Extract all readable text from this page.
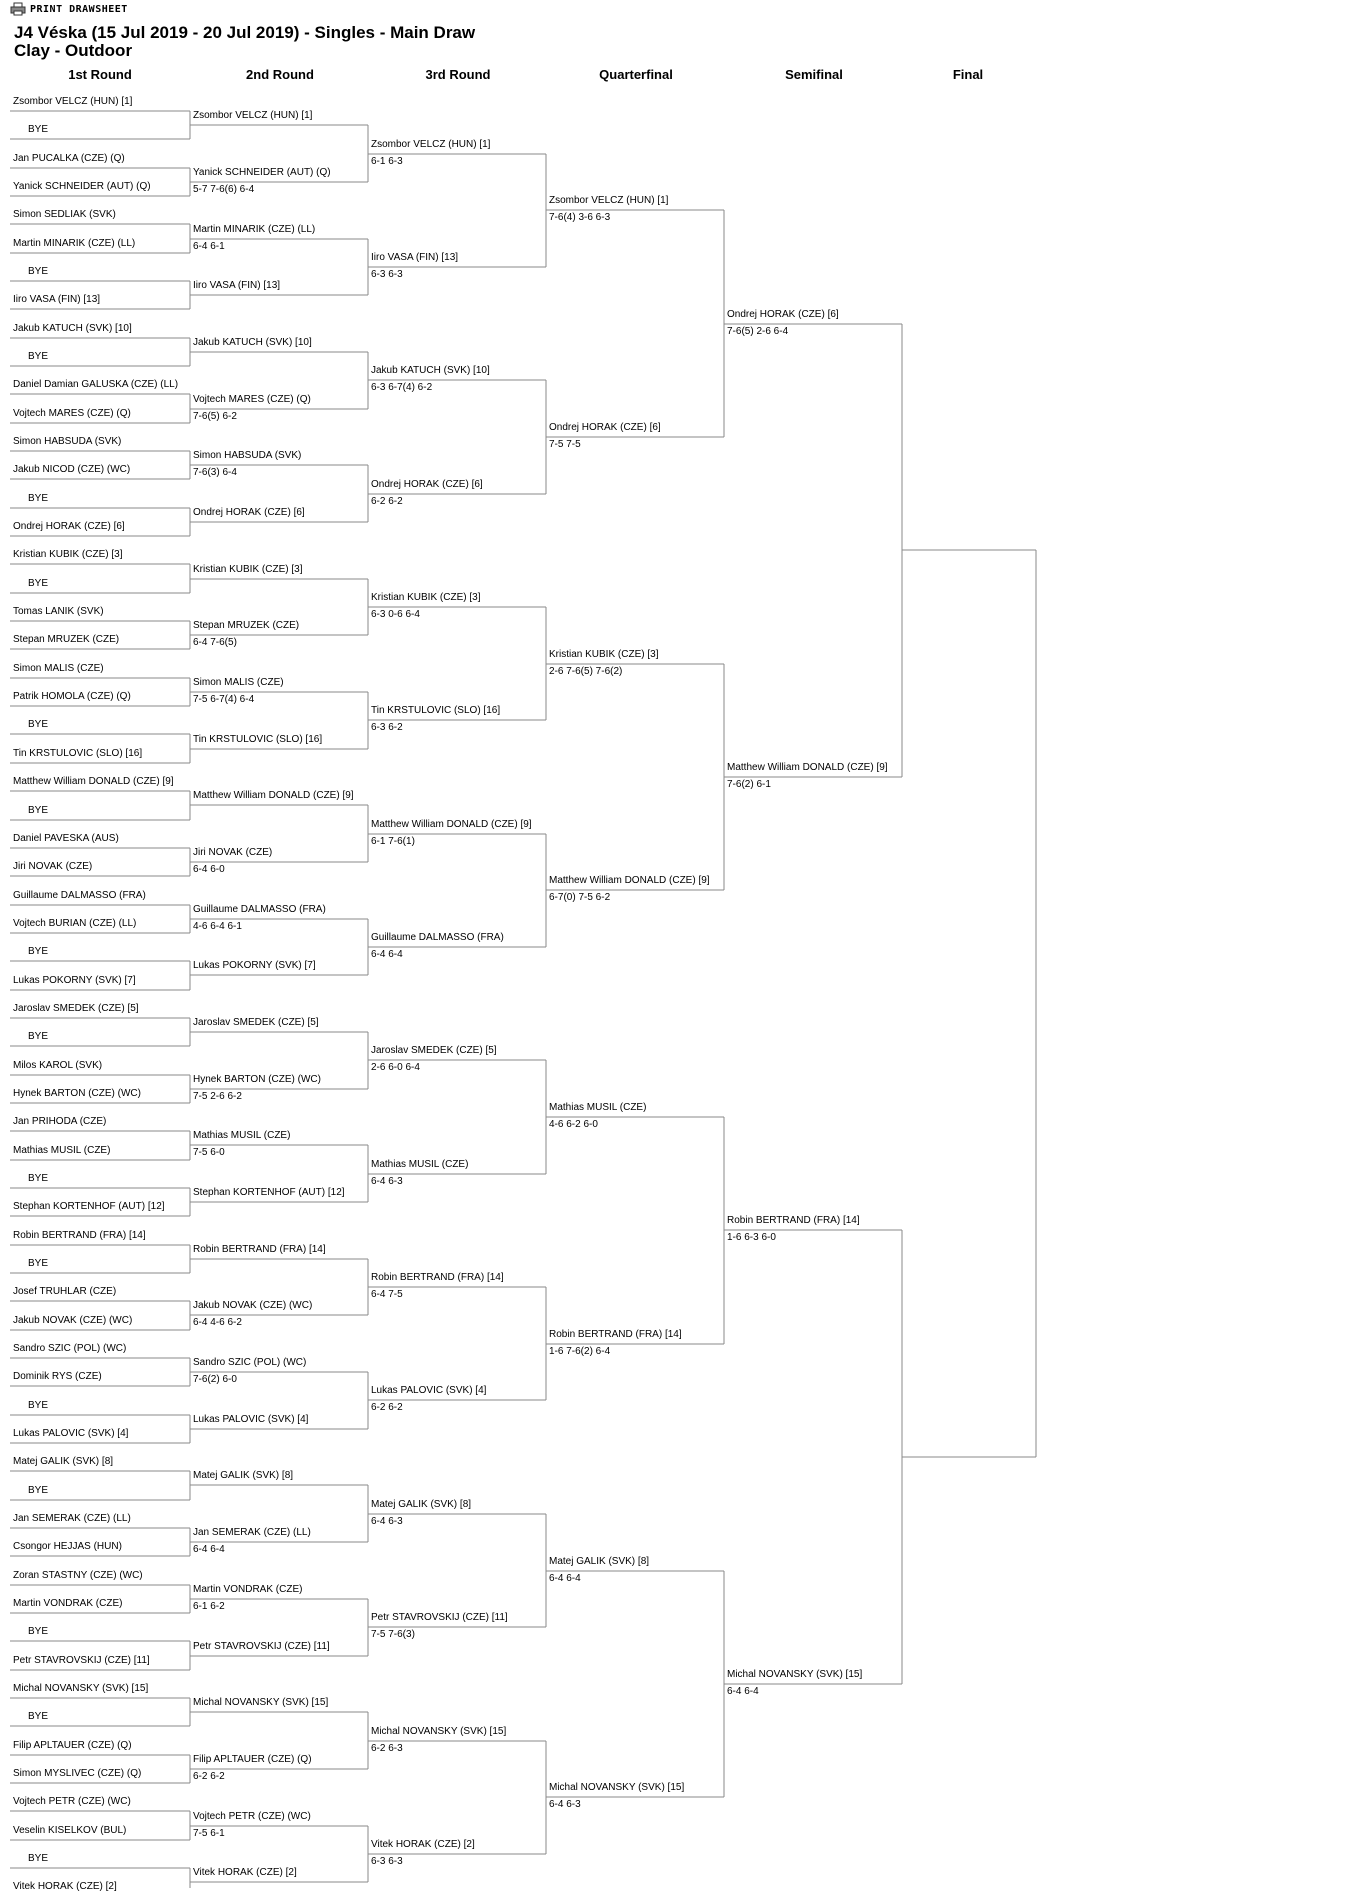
PRINT DRAWSHEET
J4 Véska (15 Jul 2019 - 20 Jul 2019) - Singles - Main Draw
Clay - Outdoor
1st Round	2nd Round	3rd Round	Quarterfinal	Semifinal	Final
Zsombor VELCZ (HUN) [1]
BYE
Jan PUCALKA (CZE) (Q)
Yanick SCHNEIDER (AUT) (Q)
Simon SEDLIAK (SVK)
Martin MINARIK (CZE) (LL)
BYE
Iiro VASA (FIN) [13]
Jakub KATUCH (SVK) [10]
BYE
Daniel Damian GALUSKA (CZE) (LL)
Vojtech MARES (CZE) (Q)
Simon HABSUDA (SVK)
Jakub NICOD (CZE) (WC)
BYE
Ondrej HORAK (CZE) [6]
Kristian KUBIK (CZE) [3]
BYE
Tomas LANIK (SVK)
Stepan MRUZEK (CZE)
Simon MALIS (CZE)
Patrik HOMOLA (CZE) (Q)
BYE
Tin KRSTULOVIC (SLO) [16]
Matthew William DONALD (CZE) [9]
BYE
Daniel PAVESKA (AUS)
Jiri NOVAK (CZE)
Guillaume DALMASSO (FRA)
Vojtech BURIAN (CZE) (LL)
BYE
Lukas POKORNY (SVK) [7]
Jaroslav SMEDEK (CZE) [5]
BYE
Milos KAROL (SVK)
Hynek BARTON (CZE) (WC)
Jan PRIHODA (CZE)
Mathias MUSIL (CZE)
BYE
Stephan KORTENHOF (AUT) [12]
Robin BERTRAND (FRA) [14]
BYE
Josef TRUHLAR (CZE)
Jakub NOVAK (CZE) (WC)
Sandro SZIC (POL) (WC)
Dominik RYS (CZE)
BYE
Lukas PALOVIC (SVK) [4]
Matej GALIK (SVK) [8]
BYE
Jan SEMERAK (CZE) (LL)
Csongor HEJJAS (HUN)
Zoran STASTNY (CZE) (WC)
Martin VONDRAK (CZE)
BYE
Petr STAVROVSKIJ (CZE) [11]
Michal NOVANSKY (SVK) [15]
BYE
Filip APLTAUER (CZE) (Q)
Simon MYSLIVEC (CZE) (Q)
Vojtech PETR (CZE) (WC)
Veselin KISELKOV (BUL)
BYE
Vitek HORAK (CZE) [2]
Zsombor VELCZ (HUN) [1]
Yanick SCHNEIDER (AUT) (Q)
5-7 7-6(6) 6-4
Martin MINARIK (CZE) (LL)
6-4 6-1
Iiro VASA (FIN) [13]
Jakub KATUCH (SVK) [10]
Vojtech MARES (CZE) (Q)
7-6(5) 6-2
Simon HABSUDA (SVK)
7-6(3) 6-4
Ondrej HORAK (CZE) [6]
Kristian KUBIK (CZE) [3]
Stepan MRUZEK (CZE)
6-4 7-6(5)
Simon MALIS (CZE)
7-5 6-7(4) 6-4
Tin KRSTULOVIC (SLO) [16]
Matthew William DONALD (CZE) [9]
Jiri NOVAK (CZE)
6-4 6-0
Guillaume DALMASSO (FRA)
4-6 6-4 6-1
Lukas POKORNY (SVK) [7]
Jaroslav SMEDEK (CZE) [5]
Hynek BARTON (CZE) (WC)
7-5 2-6 6-2
Mathias MUSIL (CZE)
7-5 6-0
Stephan KORTENHOF (AUT) [12]
Robin BERTRAND (FRA) [14]
Jakub NOVAK (CZE) (WC)
6-4 4-6 6-2
Sandro SZIC (POL) (WC)
7-6(2) 6-0
Lukas PALOVIC (SVK) [4]
Matej GALIK (SVK) [8]
Jan SEMERAK (CZE) (LL)
6-4 6-4
Martin VONDRAK (CZE)
6-1 6-2
Petr STAVROVSKIJ (CZE) [11]
Michal NOVANSKY (SVK) [15]
Filip APLTAUER (CZE) (Q)
6-2 6-2
Vojtech PETR (CZE) (WC)
7-5 6-1
Vitek HORAK (CZE) [2]
Zsombor VELCZ (HUN) [1]
6-1 6-3
Iiro VASA (FIN) [13]
6-3 6-3
Jakub KATUCH (SVK) [10]
6-3 6-7(4) 6-2
Ondrej HORAK (CZE) [6]
6-2 6-2
Kristian KUBIK (CZE) [3]
6-3 0-6 6-4
Tin KRSTULOVIC (SLO) [16]
6-3 6-2
Matthew William DONALD (CZE) [9]
6-1 7-6(1)
Guillaume DALMASSO (FRA)
6-4 6-4
Jaroslav SMEDEK (CZE) [5]
2-6 6-0 6-4
Mathias MUSIL (CZE)
6-4 6-3
Robin BERTRAND (FRA) [14]
6-4 7-5
Lukas PALOVIC (SVK) [4]
6-2 6-2
Matej GALIK (SVK) [8]
6-4 6-3
Petr STAVROVSKIJ (CZE) [11]
7-5 7-6(3)
Michal NOVANSKY (SVK) [15]
6-2 6-3
Vitek HORAK (CZE) [2]
6-3 6-3
Zsombor VELCZ (HUN) [1]
7-6(4) 3-6 6-3
Ondrej HORAK (CZE) [6]
7-5 7-5
Kristian KUBIK (CZE) [3]
2-6 7-6(5) 7-6(2)
Matthew William DONALD (CZE) [9]
6-7(0) 7-5 6-2
Mathias MUSIL (CZE)
4-6 6-2 6-0
Robin BERTRAND (FRA) [14]
1-6 7-6(2) 6-4
Matej GALIK (SVK) [8]
6-4 6-4
Michal NOVANSKY (SVK) [15]
6-4 6-3
Ondrej HORAK (CZE) [6]
7-6(5) 2-6 6-4
Matthew William DONALD (CZE) [9]
7-6(2) 6-1
Robin BERTRAND (FRA) [14]
1-6 6-3 6-0
Michal NOVANSKY (SVK) [15]
6-4 6-4
